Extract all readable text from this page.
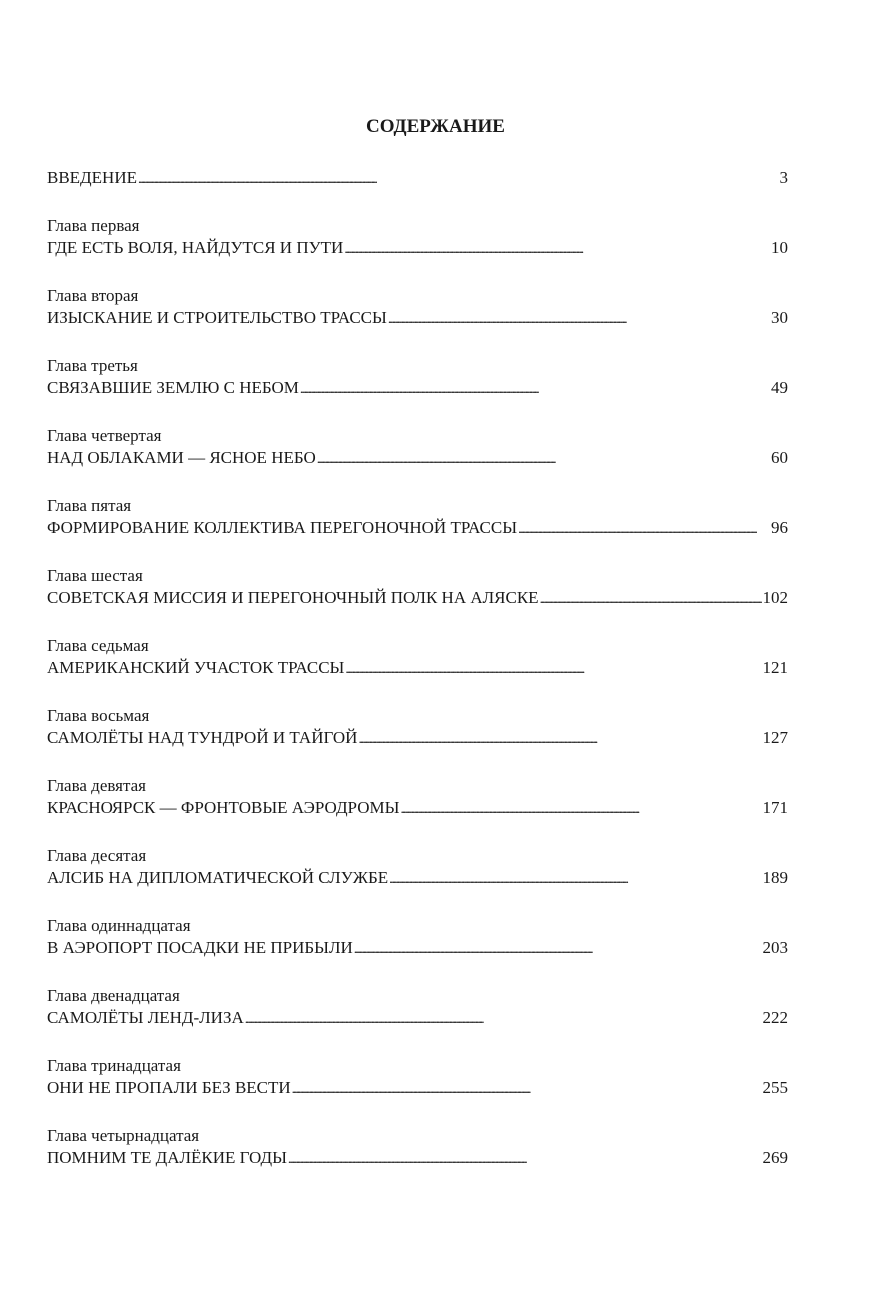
СОДЕРЖАНИЕ
ВВЕДЕНИЕ . . .	3
Глава первая
ГДЕ ЕСТЬ ВОЛЯ, НАЙДУТСЯ И ПУТИ . . .	10
Глава вторая
ИЗЫСКАНИЕ И СТРОИТЕЛЬСТВО ТРАССЫ . . .	30
Глава третья
СВЯЗАВШИЕ ЗЕМЛЮ С НЕБОМ . . .	49
Глава четвертая
НАД ОБЛАКАМИ — ЯСНОЕ НЕБО . . .	60
Глава пятая
ФОРМИРОВАНИЕ КОЛЛЕКТИВА ПЕРЕГОНОЧНОЙ ТРАССЫ . . .	96
Глава шестая
СОВЕТСКАЯ МИССИЯ И ПЕРЕГОНОЧНЫЙ ПОЛК НА АЛЯСКЕ . . .	102
Глава седьмая
АМЕРИКАНСКИЙ УЧАСТОК ТРАССЫ . . .	121
Глава восьмая
САМОЛЁТЫ НАД ТУНДРОЙ И ТАЙГОЙ . . .	127
Глава девятая
КРАСНОЯРСК — ФРОНТОВЫЕ АЭРОДРОМЫ . . .	171
Глава десятая
АЛСИБ НА ДИПЛОМАТИЧЕСКОЙ СЛУЖБЕ . . .	189
Глава одиннадцатая
В АЭРОПОРТ ПОСАДКИ НЕ ПРИБЫЛИ . . .	203
Глава двенадцатая
САМОЛЁТЫ ЛЕНД-ЛИЗА . . .	222
Глава тринадцатая
ОНИ НЕ ПРОПАЛИ БЕЗ ВЕСТИ . . .	255
Глава четырнадцатая
ПОМНИМ ТЕ ДАЛЁКИЕ ГОДЫ . . .	269
